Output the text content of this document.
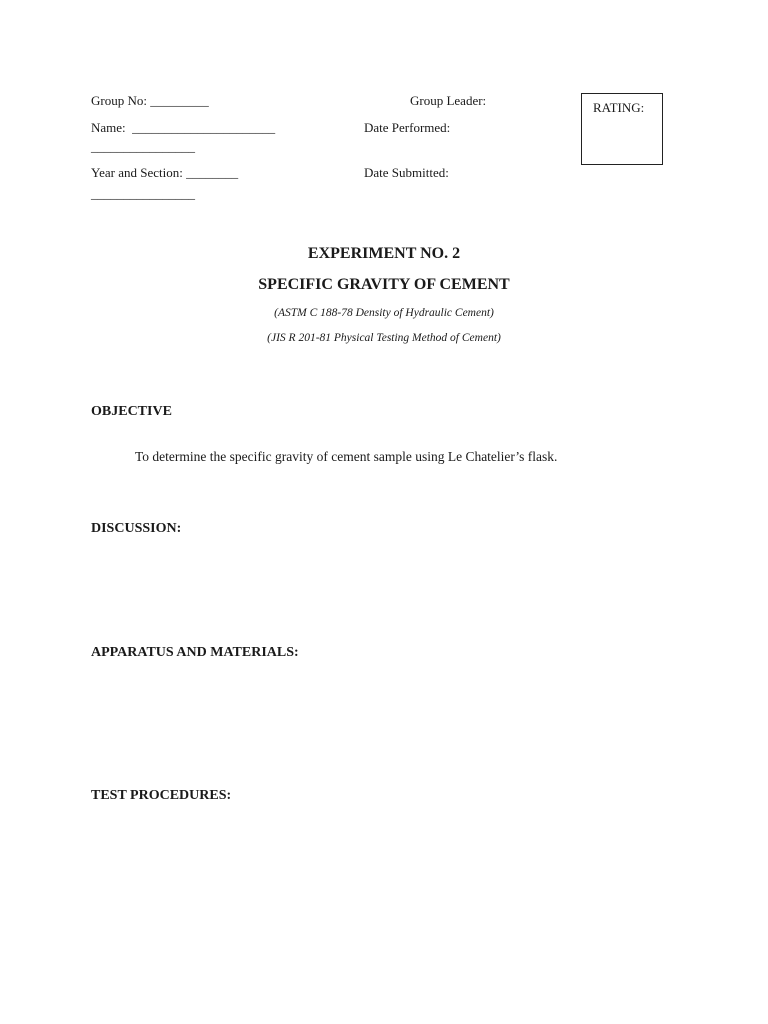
Group No: _________	Group Leader:
Name:  ______________________
________________
Date Performed:
Year and Section: ________
________________
Date Submitted:
RATING:
EXPERIMENT NO. 2
SPECIFIC GRAVITY OF CEMENT
(ASTM C 188-78 Density of Hydraulic Cement)
(JIS R 201-81 Physical Testing Method of Cement)
OBJECTIVE
To determine the specific gravity of cement sample using Le Chatelier’s flask.
DISCUSSION:
APPARATUS AND MATERIALS:
TEST PROCEDURES:
